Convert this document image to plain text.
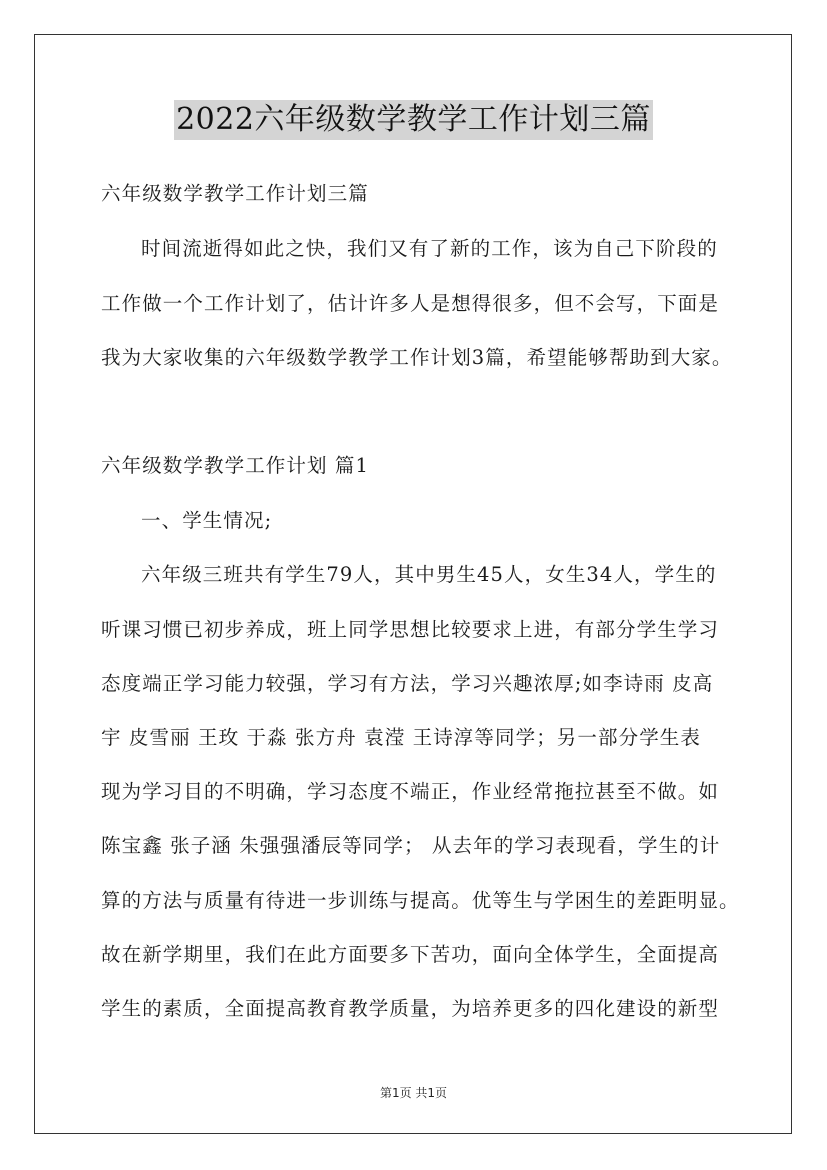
2022六年级数学教学工作计划三篇
六年级数学教学工作计划三篇
时间流逝得如此之快，我们又有了新的工作，该为自己下阶段的
工作做一个工作计划了，估计许多人是想得很多，但不会写，下面是
我为大家收集的六年级数学教学工作计划3篇，希望能够帮助到大家。
六年级数学教学工作计划 篇1
一、学生情况;
六年级三班共有学生79人，其中男生45人，女生34人，学生的
听课习惯已初步养成，班上同学思想比较要求上进，有部分学生学习
态度端正学习能力较强，学习有方法，学习兴趣浓厚;如李诗雨 皮高
宇 皮雪丽 王玫 于淼 张方舟 袁滢 王诗淳等同学；另一部分学生表
现为学习目的不明确，学习态度不端正，作业经常拖拉甚至不做。如
陈宝鑫 张子涵 朱强强潘辰等同学； 从去年的学习表现看，学生的计
算的方法与质量有待进一步训练与提高。优等生与学困生的差距明显。
故在新学期里，我们在此方面要多下苦功，面向全体学生，全面提高
学生的素质，全面提高教育教学质量，为培养更多的四化建设的新型
第1页 共1页
